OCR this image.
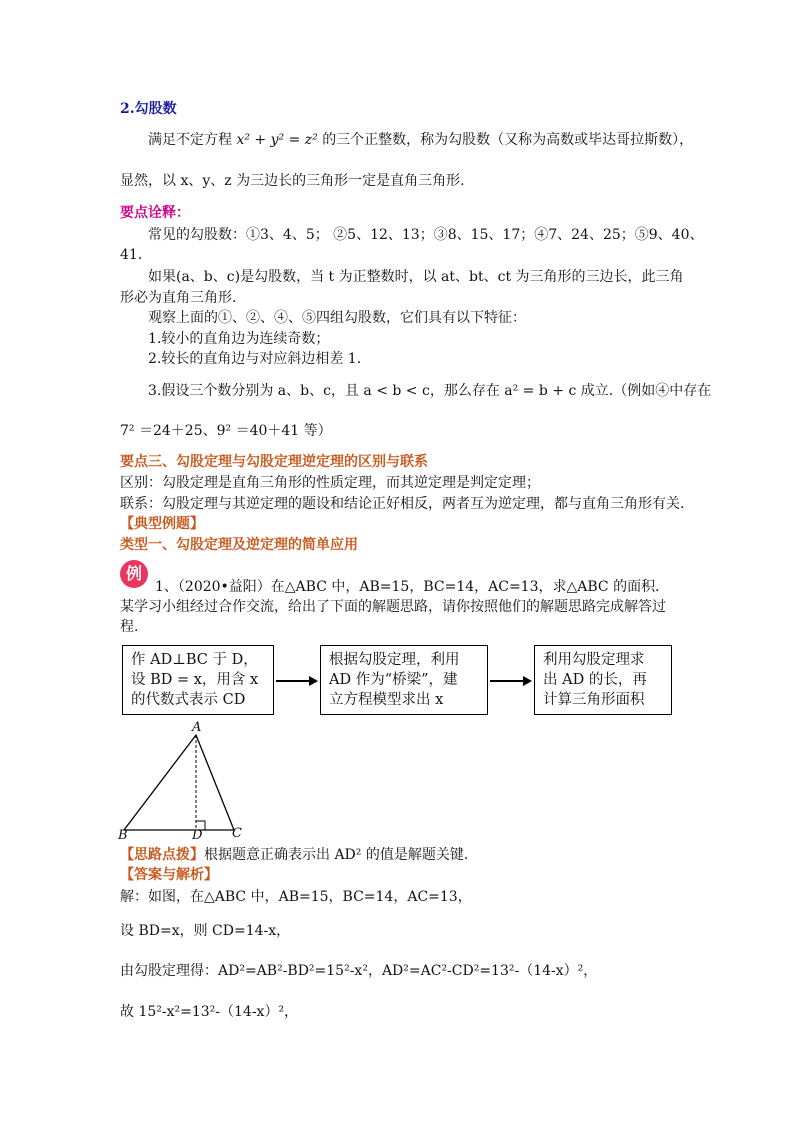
2.勾股数
满足不定方程 x² + y² = z² 的三个正整数，称为勾股数（又称为高数或毕达哥拉斯数），
显然，以 x、y、z 为三边长的三角形一定是直角三角形.
要点诠释：
常见的勾股数：①3、4、5； ②5、12、13；③8、15、17；④7、24、25；⑤9、40、
41.
如果(a、b、c)是勾股数，当 t 为正整数时，以 at、bt、ct 为三角形的三边长，此三角
形必为直角三角形.
观察上面的①、②、④、⑤四组勾股数，它们具有以下特征：
1.较小的直角边为连续奇数；
2.较长的直角边与对应斜边相差 1.
3.假设三个数分别为 a、b、c，且 a < b < c，那么存在 a² = b + c 成立.（例如④中存在
7² ＝24＋25、9² ＝40＋41 等）
要点三、勾股定理与勾股定理逆定理的区别与联系
区别：勾股定理是直角三角形的性质定理，而其逆定理是判定定理；
联系：勾股定理与其逆定理的题设和结论正好相反，两者互为逆定理，都与直角三角形有关.
【典型例题】
类型一、勾股定理及逆定理的简单应用
例
1、（2020•益阳）在△ABC 中，AB=15，BC=14，AC=13，求△ABC 的面积．
某学习小组经过合作交流，给出了下面的解题思路，请你按照他们的解题思路完成解答过
程.
作 AD⊥BC 于 D，
设 BD = x，用含 x
的代数式表示 CD
根据勾股定理，利用
AD 作为“桥梁”，建
立方程模型求出 x
利用勾股定理求
出 AD 的长，再
计算三角形面积
A
B	D C
【思路点拨】根据题意正确表示出 AD² 的值是解题关键.
【答案与解析】
解：如图，在△ABC 中，AB=15，BC=14，AC=13，
设 BD=x，则 CD=14-x，
由勾股定理得：AD²=AB²-BD²=15²-x²，AD²=AC²-CD²=13²-（14-x）²，
故 15²-x²=13²-（14-x）²，
